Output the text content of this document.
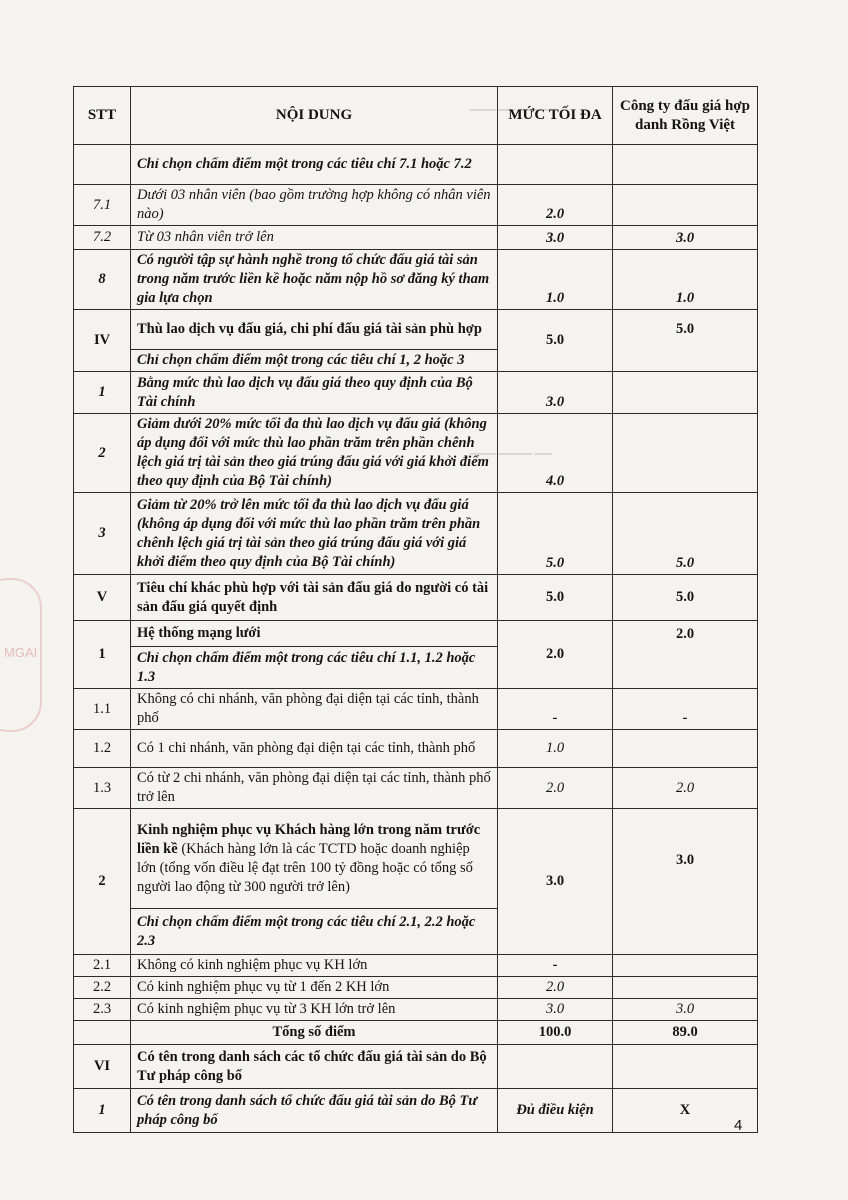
▁▁▁ ▁▁ ▁▁▁▁
▁▁▁ ▁▁▁▁ ▁▁
MGAI
STT	NỘI DUNG	MỨC TỐI ĐA	Công ty đấu giá hợp danh Rồng Việt
	Chỉ chọn chấm điểm một trong các tiêu chí 7.1 hoặc 7.2		
7.1	Dưới 03 nhân viên (bao gồm trường hợp không có nhân viên nào)	2.0	
7.2	Từ 03 nhân viên trở lên	3.0	3.0
8	Có người tập sự hành nghề trong tổ chức đấu giá tài sản trong năm trước liền kề hoặc năm nộp hồ sơ đăng ký tham gia lựa chọn	1.0	1.0
IV	Thù lao dịch vụ đấu giá, chi phí đấu giá tài sản phù hợp	5.0	5.0
	Chỉ chọn chấm điểm một trong các tiêu chí 1, 2 hoặc 3		
1	Bằng mức thù lao dịch vụ đấu giá theo quy định của Bộ Tài chính	3.0	
2	Giảm dưới 20% mức tối đa thù lao dịch vụ đấu giá (không áp dụng đối với mức thù lao phần trăm trên phần chênh lệch giá trị tài sản theo giá trúng đấu giá với giá khởi điểm theo quy định của Bộ Tài chính)	4.0	
3	Giảm từ 20% trở lên mức tối đa thù lao dịch vụ đấu giá (không áp dụng đối với mức thù lao phần trăm trên phần chênh lệch giá trị tài sản theo giá trúng đấu giá với giá khởi điểm theo quy định của Bộ Tài chính)	5.0	5.0
V	Tiêu chí khác phù hợp với tài sản đấu giá do người có tài sản đấu giá quyết định	5.0	5.0
1	Hệ thống mạng lưới	2.0	2.0
	Chỉ chọn chấm điểm một trong các tiêu chí 1.1, 1.2 hoặc 1.3		
1.1	Không có chi nhánh, văn phòng đại diện tại các tỉnh, thành phố	-	-
1.2	Có 1 chi nhánh, văn phòng đại diện tại các tỉnh, thành phố	1.0	
1.3	Có từ 2 chi nhánh, văn phòng đại diện tại các tỉnh, thành phố trở lên	2.0	2.0
2	Kinh nghiệm phục vụ Khách hàng lớn trong năm trước liền kề (Khách hàng lớn là các TCTD hoặc doanh nghiệp lớn (tổng vốn điều lệ đạt trên 100 tỷ đồng hoặc có tổng số người lao động từ 300 người trở lên)	3.0	3.0
	Chỉ chọn chấm điểm một trong các tiêu chí 2.1, 2.2 hoặc 2.3		
2.1	Không có kinh nghiệm phục vụ KH lớn	-	
2.2	Có kinh nghiệm phục vụ từ 1 đến 2 KH lớn	2.0	
2.3	Có kinh nghiệm phục vụ từ 3 KH lớn trở lên	3.0	3.0
	Tổng số điểm	100.0	89.0
VI	Có tên trong danh sách các tổ chức đấu giá tài sản do Bộ Tư pháp công bố		
1	Có tên trong danh sách tổ chức đấu giá tài sản do Bộ Tư pháp công bố	Đủ điều kiện	X
4
